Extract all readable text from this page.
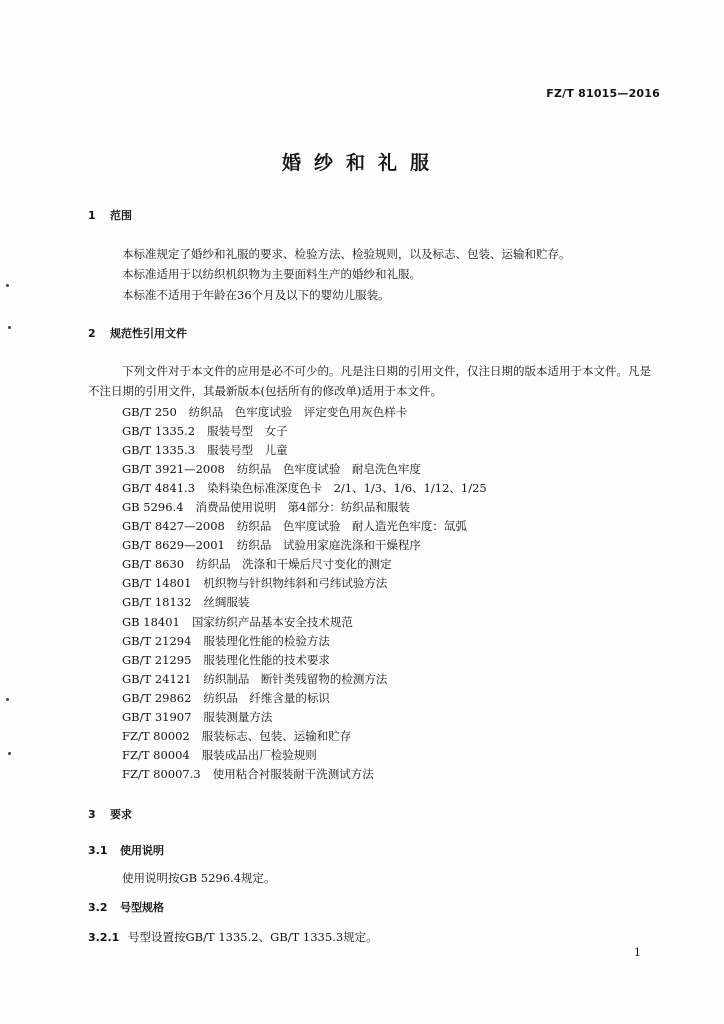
FZ/T 81015—2016
婚纱和礼服
1 范围
本标准规定了婚纱和礼服的要求、检验方法、检验规则，以及标志、包装、运输和贮存。
本标准适用于以纺织机织物为主要面料生产的婚纱和礼服。
本标准不适用于年龄在36个月及以下的婴幼儿服装。
2 规范性引用文件
下列文件对于本文件的应用是必不可少的。凡是注日期的引用文件，仅注日期的版本适用于本文件。凡是不注日期的引用文件，其最新版本(包括所有的修改单)适用于本文件。
GB/T 250 纺织品　色牢度试验　评定变色用灰色样卡
GB/T 1335.2 服装号型　女子
GB/T 1335.3 服装号型　儿童
GB/T 3921—2008 纺织品　色牢度试验　耐皂洗色牢度
GB/T 4841.3 染料染色标准深度色卡　2/1、1/3、1/6、1/12、1/25
GB 5296.4 消费品使用说明　第4部分：纺织品和服装
GB/T 8427—2008 纺织品　色牢度试验　耐人造光色牢度：氙弧
GB/T 8629—2001 纺织品　试验用家庭洗涤和干燥程序
GB/T 8630 纺织品　洗涤和干燥后尺寸变化的测定
GB/T 14801 机织物与针织物纬斜和弓纬试验方法
GB/T 18132 丝绸服装
GB 18401 国家纺织产品基本安全技术规范
GB/T 21294 服装理化性能的检验方法
GB/T 21295 服装理化性能的技术要求
GB/T 24121 纺织制品　断针类残留物的检测方法
GB/T 29862 纺织品　纤维含量的标识
GB/T 31907 服装测量方法
FZ/T 80002 服装标志、包装、运输和贮存
FZ/T 80004 服装成品出厂检验规则
FZ/T 80007.3 使用粘合衬服装耐干洗测试方法
3 要求
3.1 使用说明
使用说明按GB 5296.4规定。
3.2 号型规格
3.2.1 号型设置按GB/T 1335.2、GB/T 1335.3规定。
1
